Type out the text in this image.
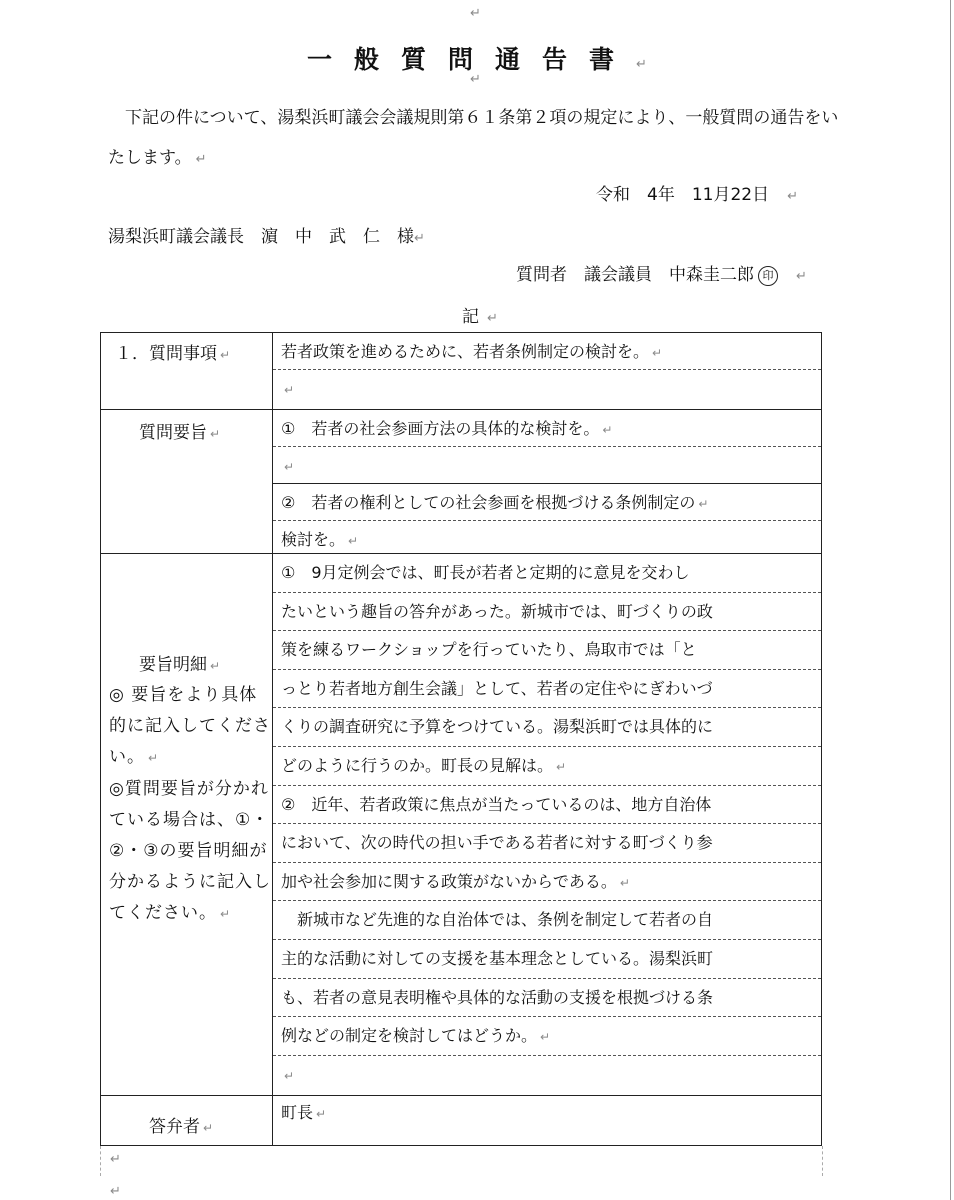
↵
一般質問通告書↵
↵
下記の件について、湯梨浜町議会会議規則第６１条第２項の規定により、一般質問の通告をいたします。 ↵
令和　4年　11月22日 ↵
湯梨浜町議会議長　濵　中　武　仁　様↵
質問者　議会議員　中森圭二郎 印 ↵
記 ↵
１．質問事項 ↵	若者政策を進めるために、若者条例制定の検討を。 ↵
↵
質問要旨 ↵	①　若者の社会参画方法の具体的な検討を。 ↵
↵
②　若者の権利としての社会参画を根拠づける条例制定の ↵
検討を。 ↵
要旨明細 ↵
◎ 要旨をより具体的に記入してください。 ↵
◎質問要旨が分かれている場合は、①・②・③の要旨明細が分かるように記入してください。 ↵
①　9月定例会では、町長が若者と定期的に意見を交わし
たいという趣旨の答弁があった。新城市では、町づくりの政
策を練るワークショップを行っていたり、鳥取市では「と
っとり若者地方創生会議」として、若者の定住やにぎわいづ
くりの調査研究に予算をつけている。湯梨浜町では具体的に
どのように行うのか。町長の見解は。 ↵
②　近年、若者政策に焦点が当たっているのは、地方自治体
において、次の時代の担い手である若者に対する町づくり参
加や社会参加に関する政策がないからである。 ↵
　新城市など先進的な自治体では、条例を制定して若者の自
主的な活動に対しての支援を基本理念としている。湯梨浜町
も、若者の意見表明権や具体的な活動の支援を根拠づける条
例などの制定を検討してはどうか。 ↵
↵
答弁者 ↵
町長 ↵
↵
↵
